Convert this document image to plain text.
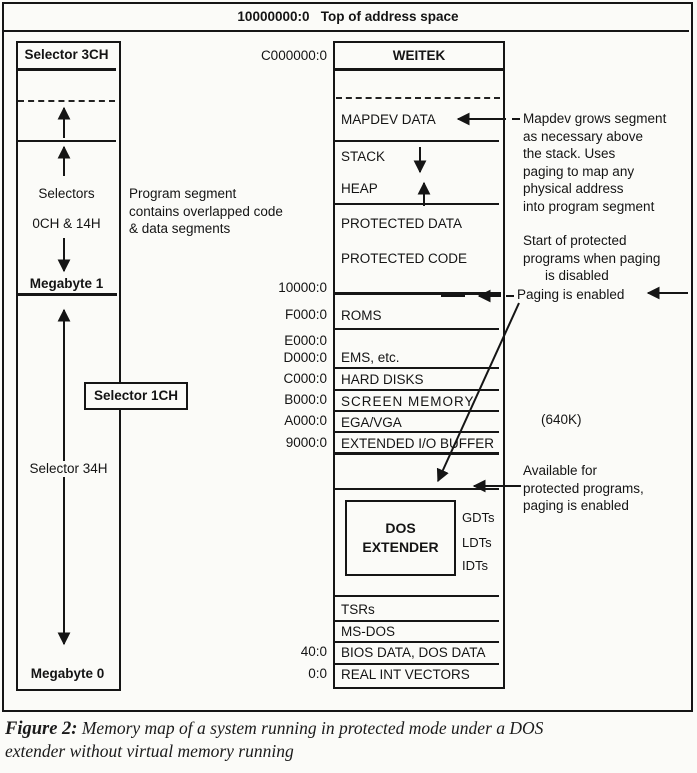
10000000:0 Top of address space
Selector 3CH
Selectors
0CH & 14H
Megabyte 1
Selector 1CH
Selector 34H
Megabyte 0
Program segment
contains overlapped code
& data segments
C000000:0
10000:0
F000:0
E000:0
D000:0
C000:0
B000:0
A000:0
9000:0
40:0
0:0
WEITEK
MAPDEV DATA
STACK
HEAP
PROTECTED DATA
PROTECTED CODE
ROMS
EMS, etc.
HARD DISKS
SCREEN MEMORY
EGA/VGA
EXTENDED I/O BUFFER
DOS
EXTENDER
GDTs
LDTs
IDTs
TSRs
MS-DOS
BIOS DATA, DOS DATA
REAL INT VECTORS
Mapdev grows segment
as necessary above
the stack. Uses
paging to map any
physical address
into program segment
Start of protected
programs when paging
is disabled
Paging is enabled
(640K)
Available for
protected programs,
paging is enabled
Figure 2: Memory map of a system running in protected mode under a DOS
extender without virtual memory running
